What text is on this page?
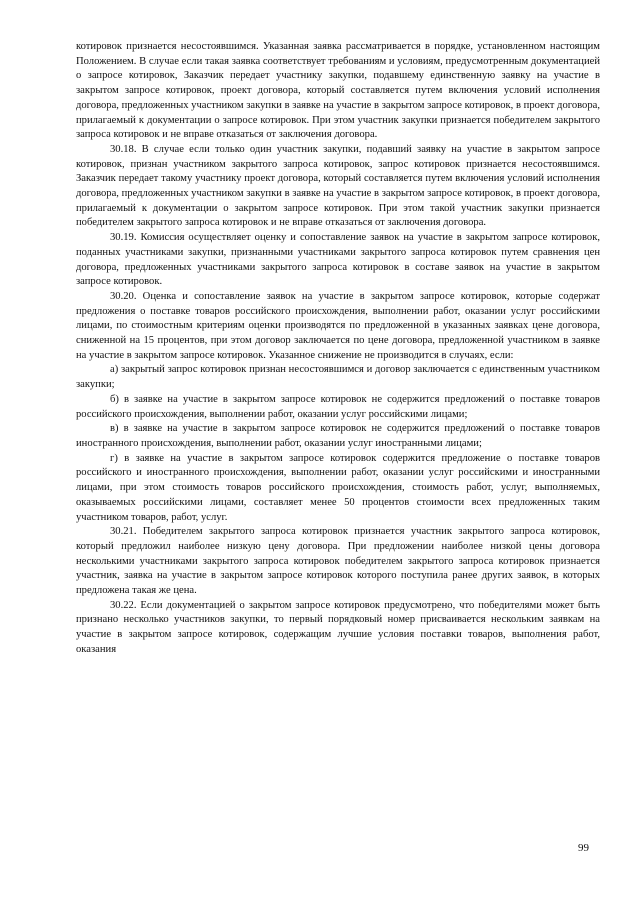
котировок признается несостоявшимся. Указанная заявка рассматривается в порядке, установленном настоящим Положением. В случае если такая заявка соответствует требованиям и условиям, предусмотренным документацией о запросе котировок, Заказчик передает участнику закупки, подавшему единственную заявку на участие в закрытом запросе котировок, проект договора, который составляется путем включения условий исполнения договора, предложенных участником закупки в заявке на участие в закрытом запросе котировок, в проект договора, прилагаемый к документации о запросе котировок. При этом участник закупки признается победителем закрытого запроса котировок и не вправе отказаться от заключения договора.

30.18. В случае если только один участник закупки, подавший заявку на участие в закрытом запросе котировок, признан участником закрытого запроса котировок, запрос котировок признается несостоявшимся. Заказчик передает такому участнику проект договора, который составляется путем включения условий исполнения договора, предложенных участником закупки в заявке на участие в закрытом запросе котировок, в проект договора, прилагаемый к документации о закрытом запросе котировок. При этом такой участник закупки признается победителем закрытого запроса котировок и не вправе отказаться от заключения договора.

30.19. Комиссия осуществляет оценку и сопоставление заявок на участие в закрытом запросе котировок, поданных участниками закупки, признанными участниками закрытого запроса котировок путем сравнения цен договора, предложенных участниками закрытого запроса котировок в составе заявок на участие в закрытом запросе котировок.

30.20. Оценка и сопоставление заявок на участие в закрытом запросе котировок, которые содержат предложения о поставке товаров российского происхождения, выполнении работ, оказании услуг российскими лицами, по стоимостным критериям оценки производятся по предложенной в указанных заявках цене договора, сниженной на 15 процентов, при этом договор заключается по цене договора, предложенной участником в заявке на участие в закрытом запросе котировок. Указанное снижение не производится в случаях, если:

а) закрытый запрос котировок признан несостоявшимся и договор заключается с единственным участником закупки;

б) в заявке на участие в закрытом запросе котировок не содержится предложений о поставке товаров российского происхождения, выполнении работ, оказании услуг российскими лицами;

в) в заявке на участие в закрытом запросе котировок не содержится предложений о поставке товаров иностранного происхождения, выполнении работ, оказании услуг иностранными лицами;

г) в заявке на участие в закрытом запросе котировок содержится предложение о поставке товаров российского и иностранного происхождения, выполнении работ, оказании услуг российскими и иностранными лицами, при этом стоимость товаров российского происхождения, стоимость работ, услуг, выполняемых, оказываемых российскими лицами, составляет менее 50 процентов стоимости всех предложенных таким участником товаров, работ, услуг.

30.21. Победителем закрытого запроса котировок признается участник закрытого запроса котировок, который предложил наиболее низкую цену договора. При предложении наиболее низкой цены договора несколькими участниками закрытого запроса котировок победителем закрытого запроса котировок признается участник, заявка на участие в закрытом запросе котировок которого поступила ранее других заявок, в которых предложена такая же цена.

30.22. Если документацией о закрытом запросе котировок предусмотрено, что победителями может быть признано несколько участников закупки, то первый порядковый номер присваивается нескольким заявкам на участие в закрытом запросе котировок, содержащим лучшие условия поставки товаров, выполнения работ, оказания

99
